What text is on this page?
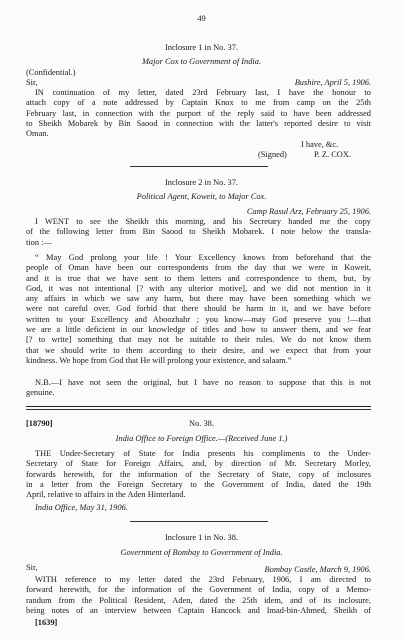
49
Inclosure 1 in No. 37.
Major Cox to Government of India.
(Confidential.)
Sir,	Bushire, April 5, 1906.
IN continuation of my letter, dated 23rd February last, I have the honour to
attach copy of a note addressed by Captain Knox to me from camp on the 25th
February last, in connection with the purport of the reply said to have been addressed
to Sheikh Mobarek by Bin Saood in connection with the latter's reported desire to visit
Oman.
I have, &c.
(Signed)	P. Z. COX.
Inclosure 2 in No. 37.
Political Agent, Koweit, to Major Cox.
Camp Rasul Arz, February 25, 1906.
I WENT to see the Sheikh this morning, and his Secretary handed me the copy
of the following letter from Bin Saood to Sheikh Mobarek. I note below the transla-
tion :—
“ May God prolong your life ! Your Excellency knows from beforehand that the
people of Oman have been our correspondents from the day that we were in Koweit,
and it is true that we have sent to them letters and correspondence to them, but, by
God, it was not intentional [? with any ulterior motive], and we did not mention in it
any affairs in which we saw any harm, but there may have been something which we
were not careful over. God forbid that there should be harm in it, and we have before
written to your Excellency and Aboozhahr ; you know—may God preserve you !—that
we are a little deficient in our knowledge of titles and how to answer them, and we fear
[? to write] something that may not be suitable to their rules. We do not know them
that we should write to them according to their desire, and we expect that from your
kindness. We hope from God that He will prolong your existence, and salaam.”
N.B.—I have not seen the original, but I have no reason to suppose that this is not
genuine.
[18790]	No. 38.
India Office to Foreign Office.—(Received June 1.)
THE Under-Secretary of State for India presents his compliments to the Under-
Secretary of State for Foreign Affairs, and, by direction of Mr. Secretary Morley,
forwards herewith, for the information of the Secretary of State, copy of inclosures
in a letter from the Foreign Secretary to the Government of India, dated the 19th
April, relative to affairs in the Aden Hinterland.
India Office, May 31, 1906.
Inclosure 1 in No. 38.
Government of Bombay to Government of India.
Sir,	Bombay Castle, March 9, 1906.
WITH reference to my letter dated the 23rd February, 1906, I am directed to
forward herewith, for the information of the Government of India, copy of a Memo-
randum from the Political Resident, Aden, dated the 25th idem, and of its inclosure,
being notes of an interview between Captain Hancock and Imad-bin-Ahmed, Sheikh of
[1639]
